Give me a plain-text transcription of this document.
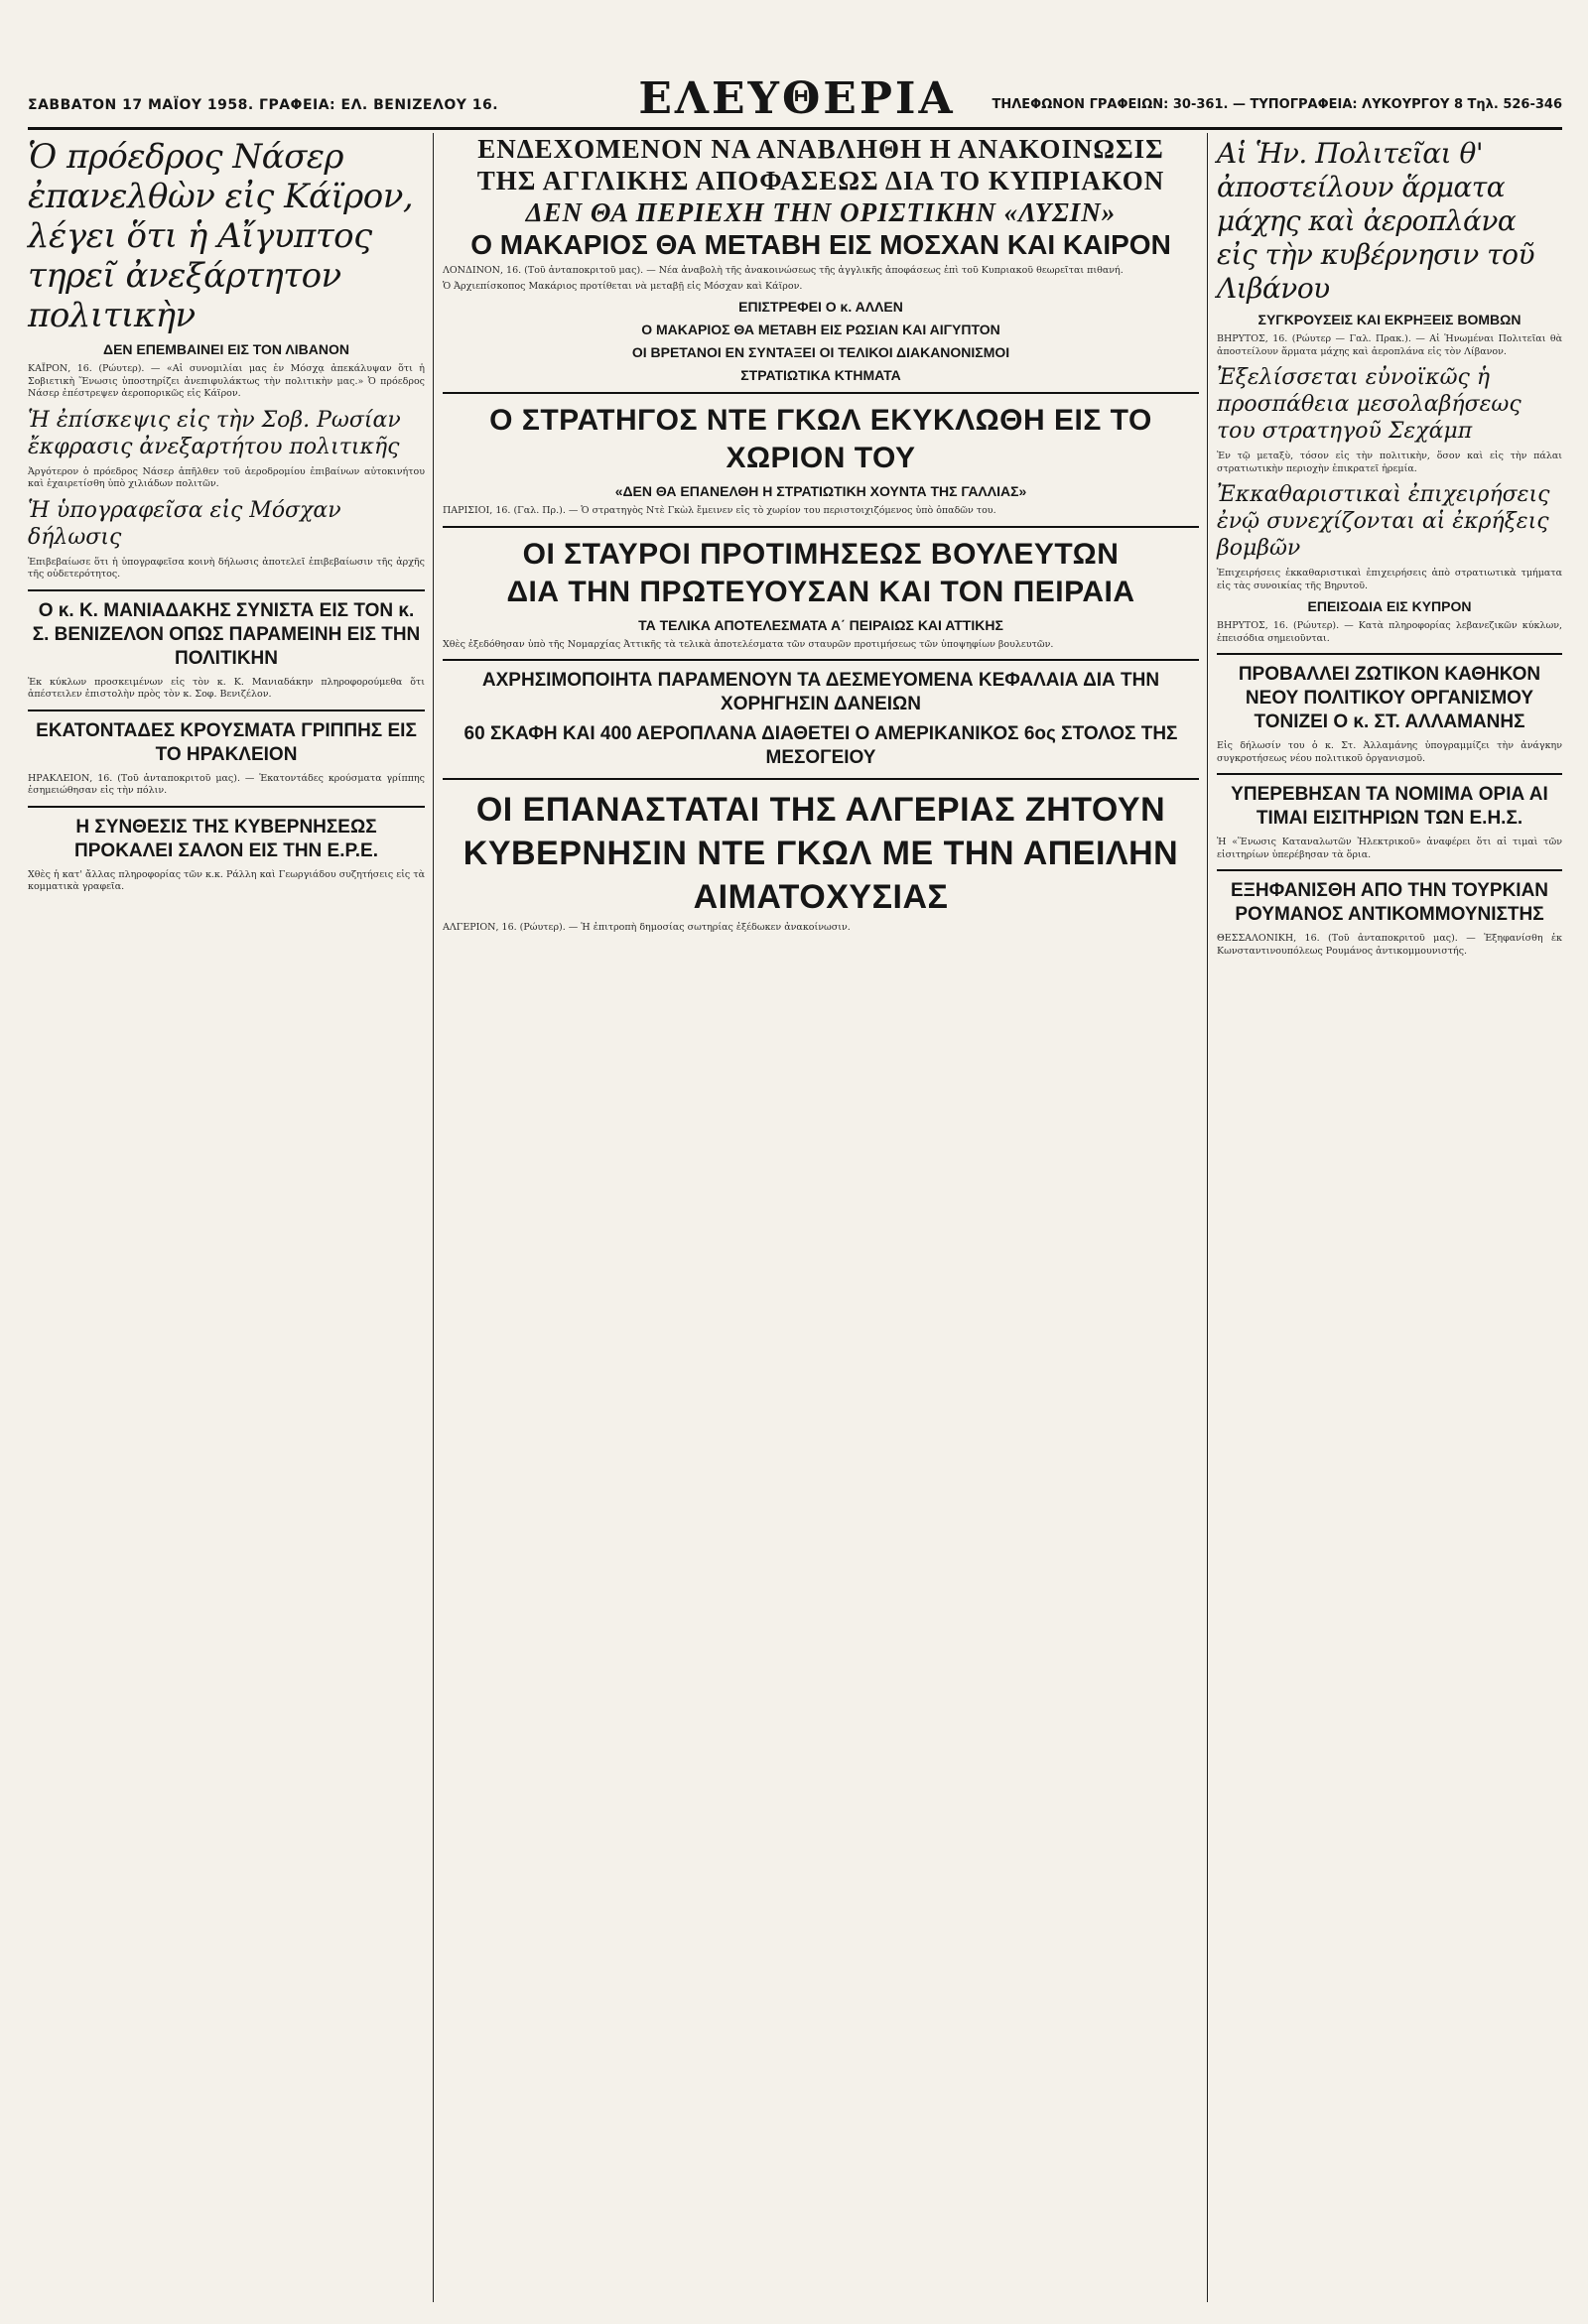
ΣΑΒΒΑΤΟΝ 17 ΜΑΪΟΥ 1958. ΓΡΑΦΕΙΑ: ΕΛ. ΒΕΝΙΖΕΛΟΥ 16.	ΕΛΕΥΘΕΡΙΑ	ΤΗΛΕΦΩΝΟΝ ΓΡΑΦΕΙΩΝ: 30-361. — ΤΥΠΟΓΡΑΦΕΙΑ: ΛΥΚΟΥΡΓΟΥ 8 Τηλ. 526-346
Ὁ πρόεδρος Νάσερ ἐπανελθὼν εἰς Κάϊρον, λέγει ὅτι ἡ Αἴγυπτος τηρεῖ ἀνεξάρτητον πολιτικὴν
ΔΕΝ ΕΠΕΜΒΑΙΝΕΙ ΕΙΣ ΤΟΝ ΛΙΒΑΝΟΝ
ΚΑΪΡΟΝ, 16. (Ρώυτερ). — «Αἱ συνομιλίαι μας ἐν Μόσχᾳ ἀπεκάλυψαν ὅτι ἡ Σοβιετικὴ Ἕνωσις ὑποστηρίζει ἀνεπιφυλάκτως τὴν πολιτικὴν μας.» Ὁ πρόεδρος Νάσερ ἐπέστρεψεν ἀεροπορικῶς εἰς Κάϊρον.
Ἡ ἐπίσκεψις εἰς τὴν Σοβ. Ρωσίαν ἔκφρασις ἀνεξαρτήτου πολιτικῆς
Ἀργότερον ὁ πρόεδρος Νάσερ ἀπῆλθεν τοῦ ἀεροδρομίου ἐπιβαίνων αὐτοκινήτου καὶ ἐχαιρετίσθη ὑπὸ χιλιάδων πολιτῶν.
Ἡ ὑπογραφεῖσα εἰς Μόσχαν δήλωσις
Ἐπιβεβαίωσε ὅτι ἡ ὑπογραφεῖσα κοινὴ δήλωσις ἀποτελεῖ ἐπιβεβαίωσιν τῆς ἀρχῆς τῆς οὐδετερότητος.
Ο κ. Κ. ΜΑΝΙΑΔΑΚΗΣ ΣΥΝΙΣΤΑ ΕΙΣ ΤΟΝ κ. Σ. ΒΕΝΙΖΕΛΟΝ ΟΠΩΣ ΠΑΡΑΜΕΙΝΗ ΕΙΣ ΤΗΝ ΠΟΛΙΤΙΚΗΝ
Ἐκ κύκλων προσκειμένων εἰς τὸν κ. Κ. Μανιαδάκην πληροφορούμεθα ὅτι ἀπέστειλεν ἐπιστολὴν πρὸς τὸν κ. Σοφ. Βενιζέλον.
ΕΚΑΤΟΝΤΑΔΕΣ ΚΡΟΥΣΜΑΤΑ ΓΡΙΠΠΗΣ ΕΙΣ ΤΟ ΗΡΑΚΛΕΙΟΝ
ΗΡΑΚΛΕΙΟΝ, 16. (Τοῦ ἀνταποκριτοῦ μας). — Ἑκατοντάδες κρούσματα γρίππης ἐσημειώθησαν εἰς τὴν πόλιν.
Η ΣΥΝΘΕΣΙΣ ΤΗΣ ΚΥΒΕΡΝΗΣΕΩΣ ΠΡΟΚΑΛΕΙ ΣΑΛΟΝ ΕΙΣ ΤΗΝ Ε.Ρ.Ε.
Χθὲς ἡ κατ' ἄλλας πληροφορίας τῶν κ.κ. Ράλλη καὶ Γεωργιάδου συζητήσεις εἰς τὰ κομματικὰ γραφεῖα.
ΕΝΔΕΧΟΜΕΝΟΝ ΝΑ ΑΝΑΒΛΗΘΗ Η ΑΝΑΚΟΙΝΩΣΙΣ
ΤΗΣ ΑΓΓΛΙΚΗΣ ΑΠΟΦΑΣΕΩΣ ΔΙΑ ΤΟ ΚΥΠΡΙΑΚΟΝ
ΔΕΝ ΘΑ ΠΕΡΙΕΧΗ ΤΗΝ ΟΡΙΣΤΙΚΗΝ «ΛΥΣΙΝ»
Ο ΜΑΚΑΡΙΟΣ ΘΑ ΜΕΤΑΒΗ ΕΙΣ ΜΟΣΧΑΝ ΚΑΙ ΚΑΙΡΟΝ
ΛΟΝΔΙΝΟΝ, 16. (Τοῦ ἀνταποκριτοῦ μας). — Νέα ἀναβολὴ τῆς ἀνακοινώσεως τῆς ἀγγλικῆς ἀποφάσεως ἐπὶ τοῦ Κυπριακοῦ θεωρεῖται πιθανή.
Ὁ Ἀρχιεπίσκοπος Μακάριος προτίθεται νὰ μεταβῇ εἰς Μόσχαν καὶ Κάϊρον.
ΕΠΙΣΤΡΕΦΕΙ Ο κ. ΑΛΛΕΝ
Ο ΜΑΚΑΡΙΟΣ ΘΑ ΜΕΤΑΒΗ ΕΙΣ ΡΩΣΙΑΝ ΚΑΙ ΑΙΓΥΠΤΟΝ
ΟΙ ΒΡΕΤΑΝΟΙ ΕΝ ΣΥΝΤΑΞΕΙ ΟΙ ΤΕΛΙΚΟΙ ΔΙΑΚΑΝΟΝΙΣΜΟΙ
ΣΤΡΑΤΙΩΤΙΚΑ ΚΤΗΜΑΤΑ
Ο ΣΤΡΑΤΗΓΟΣ ΝΤΕ ΓΚΩΛ ΕΚΥΚΛΩΘΗ ΕΙΣ ΤΟ ΧΩΡΙΟΝ ΤΟΥ
«ΔΕΝ ΘΑ ΕΠΑΝΕΛΘΗ Η ΣΤΡΑΤΙΩΤΙΚΗ ΧΟΥΝΤΑ ΤΗΣ ΓΑΛΛΙΑΣ»
ΠΑΡΙΣΙΟΙ, 16. (Γαλ. Πρ.). — Ὁ στρατηγὸς Ντὲ Γκὼλ ἔμεινεν εἰς τὸ χωρίον του περιστοιχιζόμενος ὑπὸ ὁπαδῶν του.
ΟΙ ΣΤΑΥΡΟΙ ΠΡΟΤΙΜΗΣΕΩΣ ΒΟΥΛΕΥΤΩΝ
ΔΙΑ ΤΗΝ ΠΡΩΤΕΥΟΥΣΑΝ ΚΑΙ ΤΟΝ ΠΕΙΡΑΙΑ
ΤΑ ΤΕΛΙΚΑ ΑΠΟΤΕΛΕΣΜΑΤΑ Α΄ ΠΕΙΡΑΙΩΣ ΚΑΙ ΑΤΤΙΚΗΣ
Χθὲς ἐξεδόθησαν ὑπὸ τῆς Νομαρχίας Ἀττικῆς τὰ τελικὰ ἀποτελέσματα τῶν σταυρῶν προτιμήσεως τῶν ὑποψηφίων βουλευτῶν.
ΑΧΡΗΣΙΜΟΠΟΙΗΤΑ ΠΑΡΑΜΕΝΟΥΝ ΤΑ ΔΕΣΜΕΥΟΜΕΝΑ ΚΕΦΑΛΑΙΑ ΔΙΑ ΤΗΝ ΧΟΡΗΓΗΣΙΝ ΔΑΝΕΙΩΝ
60 ΣΚΑΦΗ ΚΑΙ 400 ΑΕΡΟΠΛΑΝΑ ΔΙΑΘΕΤΕΙ Ο ΑΜΕΡΙΚΑΝΙΚΟΣ 6ος ΣΤΟΛΟΣ ΤΗΣ ΜΕΣΟΓΕΙΟΥ
ΟΙ ΕΠΑΝΑΣΤΑΤΑΙ ΤΗΣ ΑΛΓΕΡΙΑΣ ΖΗΤΟΥΝ ΚΥΒΕΡΝΗΣΙΝ ΝΤΕ ΓΚΩΛ ΜΕ ΤΗΝ ΑΠΕΙΛΗΝ ΑΙΜΑΤΟΧΥΣΙΑΣ
ΑΛΓΕΡΙΟΝ, 16. (Ρώυτερ). — Ἡ ἐπιτροπὴ δημοσίας σωτηρίας ἐξέδωκεν ἀνακοίνωσιν.
Αἱ Ἡν. Πολιτεῖαι θ' ἀποστείλουν ἅρματα μάχης καὶ ἀεροπλάνα εἰς τὴν κυβέρνησιν τοῦ Λιβάνου
ΣΥΓΚΡΟΥΣΕΙΣ ΚΑΙ ΕΚΡΗΞΕΙΣ ΒΟΜΒΩΝ
ΒΗΡΥΤΟΣ, 16. (Ρώυτερ — Γαλ. Πρακ.). — Αἱ Ἡνωμέναι Πολιτεῖαι θὰ ἀποστείλουν ἅρματα μάχης καὶ ἀεροπλάνα εἰς τὸν Λίβανον.
Ἐξελίσσεται εὐνοϊκῶς ἡ προσπάθεια μεσολαβήσεως του στρατηγοῦ Σεχάμπ
Ἐν τῷ μεταξὺ, τόσον εἰς τὴν πολιτικὴν, ὅσον καὶ εἰς τὴν πάλαι στρατιωτικὴν περιοχὴν ἐπικρατεῖ ἡρεμία.
Ἐκκαθαριστικαὶ ἐπιχειρήσεις ἐνῷ συνεχίζονται αἱ ἐκρήξεις βομβῶν
Ἐπιχειρήσεις ἐκκαθαριστικαὶ ἐπιχειρήσεις ἀπὸ στρατιωτικὰ τμήματα εἰς τὰς συνοικίας τῆς Βηρυτοῦ.
ΕΠΕΙΣΟΔΙΑ ΕΙΣ ΚΥΠΡΟΝ
ΒΗΡΥΤΟΣ, 16. (Ρώυτερ). — Κατὰ πληροφορίας λεβανεζικῶν κύκλων, ἐπεισόδια σημειοῦνται.
ΠΡΟΒΑΛΛΕΙ ΖΩΤΙΚΟΝ ΚΑΘΗΚΟΝ ΝΕΟΥ ΠΟΛΙΤΙΚΟΥ ΟΡΓΑΝΙΣΜΟΥ ΤΟΝΙΖΕΙ Ο κ. ΣΤ. ΑΛΛΑΜΑΝΗΣ
Εἰς δήλωσίν του ὁ κ. Στ. Ἀλλαμάνης ὑπογραμμίζει τὴν ἀνάγκην συγκροτήσεως νέου πολιτικοῦ ὀργανισμοῦ.
ΥΠΕΡΕΒΗΣΑΝ ΤΑ ΝΟΜΙΜΑ ΟΡΙΑ ΑΙ ΤΙΜΑΙ ΕΙΣΙΤΗΡΙΩΝ ΤΩΝ Ε.Η.Σ.
Ἡ «Ἕνωσις Καταναλωτῶν Ἠλεκτρικοῦ» ἀναφέρει ὅτι αἱ τιμαὶ τῶν εἰσιτηρίων ὑπερέβησαν τὰ ὅρια.
ΕΞΗΦΑΝΙΣΘΗ ΑΠΟ ΤΗΝ ΤΟΥΡΚΙΑΝ ΡΟΥΜΑΝΟΣ ΑΝΤΙΚΟΜΜΟΥΝΙΣΤΗΣ
ΘΕΣΣΑΛΟΝΙΚΗ, 16. (Τοῦ ἀνταποκριτοῦ μας). — Ἐξηφανίσθη ἐκ Κωνσταντινουπόλεως Ρουμάνος ἀντικομμουνιστής.
